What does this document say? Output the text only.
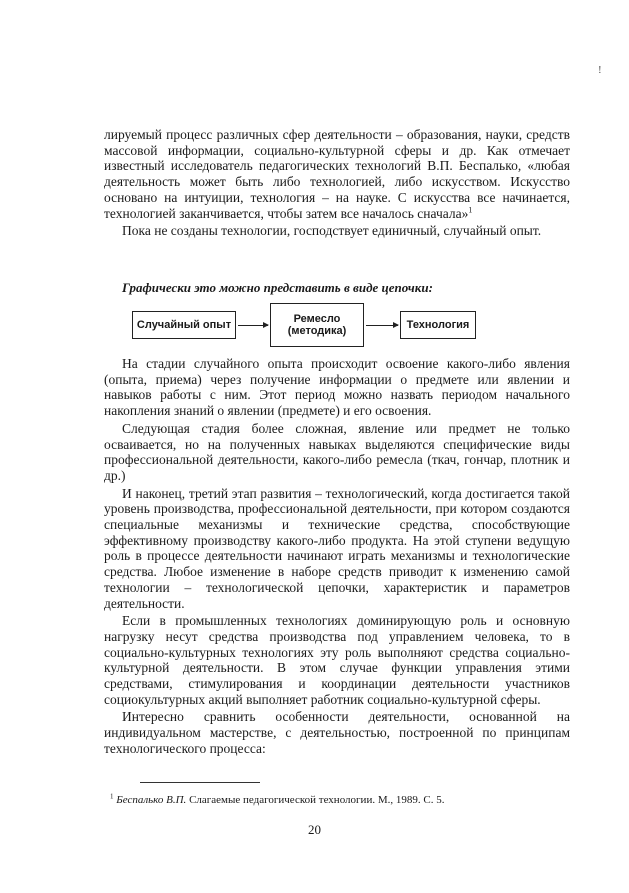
!

лируемый процесс различных сфер деятельности – образования, науки, средств массовой информации, социально-культурной сферы и др. Как отмечает известный исследователь педагогических технологий В.П. Беспалько, «любая деятельность может быть либо технологией, либо искусством. Искусство основано на интуиции, технология – на науке. С искусства все начинается, технологией заканчивается, чтобы затем все началось сначала»$^1$

Пока не созданы технологии, господствует единичный, случайный опыт.

Графически это можно представить в виде цепочки:
Случайный опыт	Ремесло
(методика)	Технология

На стадии случайного опыта происходит освоение какого-либо явления (опыта, приема) через получение информации о предмете или явлении и навыков работы с ним. Этот период можно назвать периодом начального накопления знаний о явлении (предмете) и его освоения.

Следующая стадия более сложная, явление или предмет не только осваивается, но на полученных навыках выделяются специфические виды профессиональной деятельности, какого-либо ремесла (ткач, гончар, плотник и др.)

И наконец, третий этап развития – технологический, когда достигается такой уровень производства, профессиональной деятельности, при котором создаются специальные механизмы и технические средства, способствующие эффективному производству какого-либо продукта. На этой ступени ведущую роль в процессе деятельности начинают играть механизмы и технологические средства. Любое изменение в наборе средств приводит к изменению самой технологии – технологической цепочки, характеристик и параметров деятельности.

Если в промышленных технологиях доминирующую роль и основную нагрузку несут средства производства под управлением человека, то в социально-культурных технологиях эту роль выполняют средства социально-культурной деятельности. В этом случае функции управления этими средствами, стимулирования и координации деятельности участников социокультурных акций выполняет работник социально-культурной сферы.

Интересно сравнить особенности деятельности, основанной на индивидуальном мастерстве, с деятельностью, построенной по принципам технологического процесса:

$^1$ Беспалько В.П. Слагаемые педагогической технологии. М., 1989. С. 5.
20
